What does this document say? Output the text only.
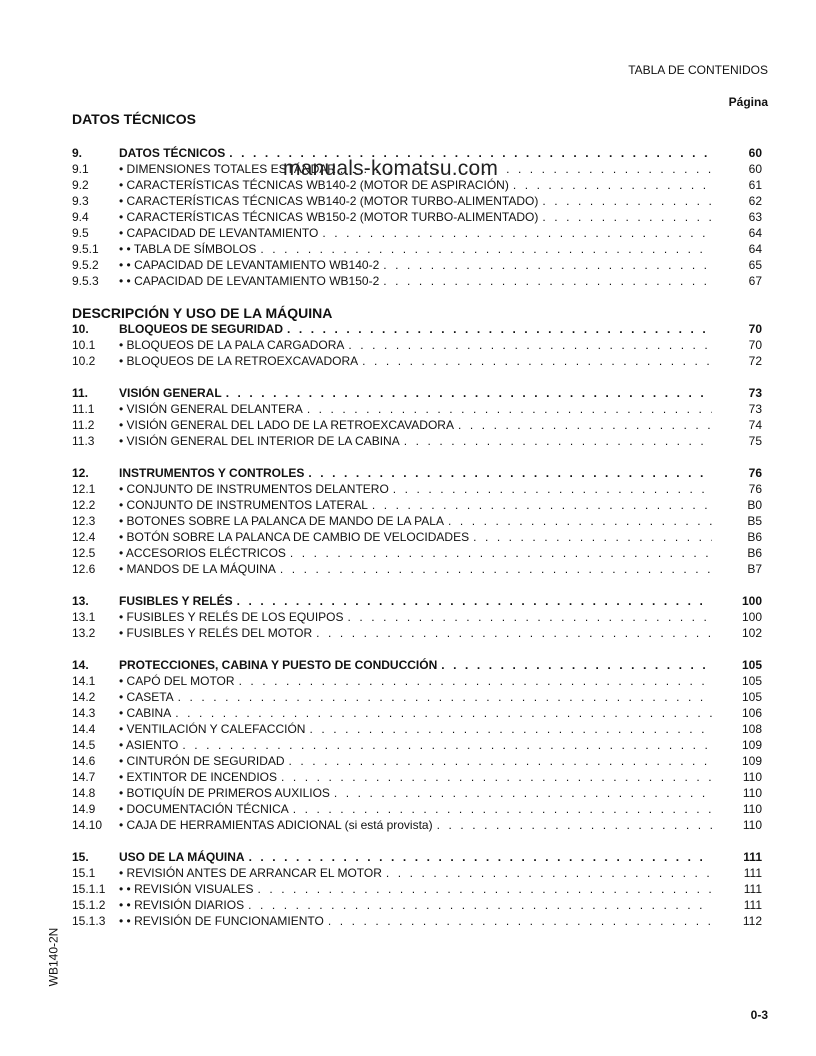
TABLA DE CONTENIDOS
Página
DATOS TÉCNICOS
9.	DATOS TÉCNICOS . . .	60
9.1	• DIMENSIONES TOTALES ESTÁNDAR . . .	60
9.2	• CARACTERÍSTICAS TÉCNICAS WB140-2 (MOTOR DE ASPIRACIÓN) . . .	61
9.3	• CARACTERÍSTICAS TÉCNICAS WB140-2 (MOTOR TURBO-ALIMENTADO) . . .	62
9.4	• CARACTERÍSTICAS TÉCNICAS WB150-2 (MOTOR TURBO-ALIMENTADO) . . .	63
9.5	• CAPACIDAD DE LEVANTAMIENTO . . .	64
9.5.1	• • TABLA DE SÍMBOLOS . . .	64
9.5.2	• • CAPACIDAD DE LEVANTAMIENTO WB140-2 . . .	65
9.5.3	• • CAPACIDAD DE LEVANTAMIENTO WB150-2 . . .	67
DESCRIPCIÓN Y USO DE LA MÁQUINA
10.	BLOQUEOS DE SEGURIDAD . . .	70
10.1	• BLOQUEOS DE LA PALA CARGADORA . . .	70
10.2	• BLOQUEOS DE LA RETROEXCAVADORA . . .	72
11.	VISIÓN GENERAL . . .	73
11.1	• VISIÓN GENERAL DELANTERA . . .	73
11.2	• VISIÓN GENERAL DEL LADO DE LA RETROEXCAVADORA . . .	74
11.3	• VISIÓN GENERAL DEL INTERIOR DE LA CABINA . . .	75
12.	INSTRUMENTOS Y CONTROLES . . .	76
12.1	• CONJUNTO DE INSTRUMENTOS DELANTERO . . .	76
12.2	• CONJUNTO DE INSTRUMENTOS LATERAL . . .	B0
12.3	• BOTONES SOBRE LA PALANCA DE MANDO DE LA PALA . . .	B5
12.4	• BOTÓN SOBRE LA PALANCA DE CAMBIO DE VELOCIDADES . . .	B6
12.5	• ACCESORIOS ELÉCTRICOS . . .	B6
12.6	• MANDOS DE LA MÁQUINA . . .	B7
13.	FUSIBLES Y RELÉS . . .	100
13.1	• FUSIBLES Y RELÉS DE LOS EQUIPOS . . .	100
13.2	• FUSIBLES Y RELÉS DEL MOTOR . . .	102
14.	PROTECCIONES, CABINA Y PUESTO DE CONDUCCIÓN . . .	105
14.1	• CAPÓ DEL MOTOR . . .	105
14.2	• CASETA . . .	105
14.3	• CABINA . . .	106
14.4	• VENTILACIÓN Y CALEFACCIÓN . . .	108
14.5	• ASIENTO . . .	109
14.6	• CINTURÓN DE SEGURIDAD . . .	109
14.7	• EXTINTOR DE INCENDIOS . . .	110
14.8	• BOTIQUÍN DE PRIMEROS AUXILIOS . . .	110
14.9	• DOCUMENTACIÓN TÉCNICA . . .	110
14.10	• CAJA DE HERRAMIENTAS ADICIONAL (si está provista) . . .	110
15.	USO DE LA MÁQUINA . . .	111
15.1	• REVISIÓN ANTES DE ARRANCAR EL MOTOR . . .	111
15.1.1	• • REVISIÓN VISUALES . . .	111
15.1.2	• • REVISIÓN DIARIOS . . .	111
15.1.3	• • REVISIÓN DE FUNCIONAMIENTO . . .	112
manuals-komatsu.com
WB140-2N
0-3
